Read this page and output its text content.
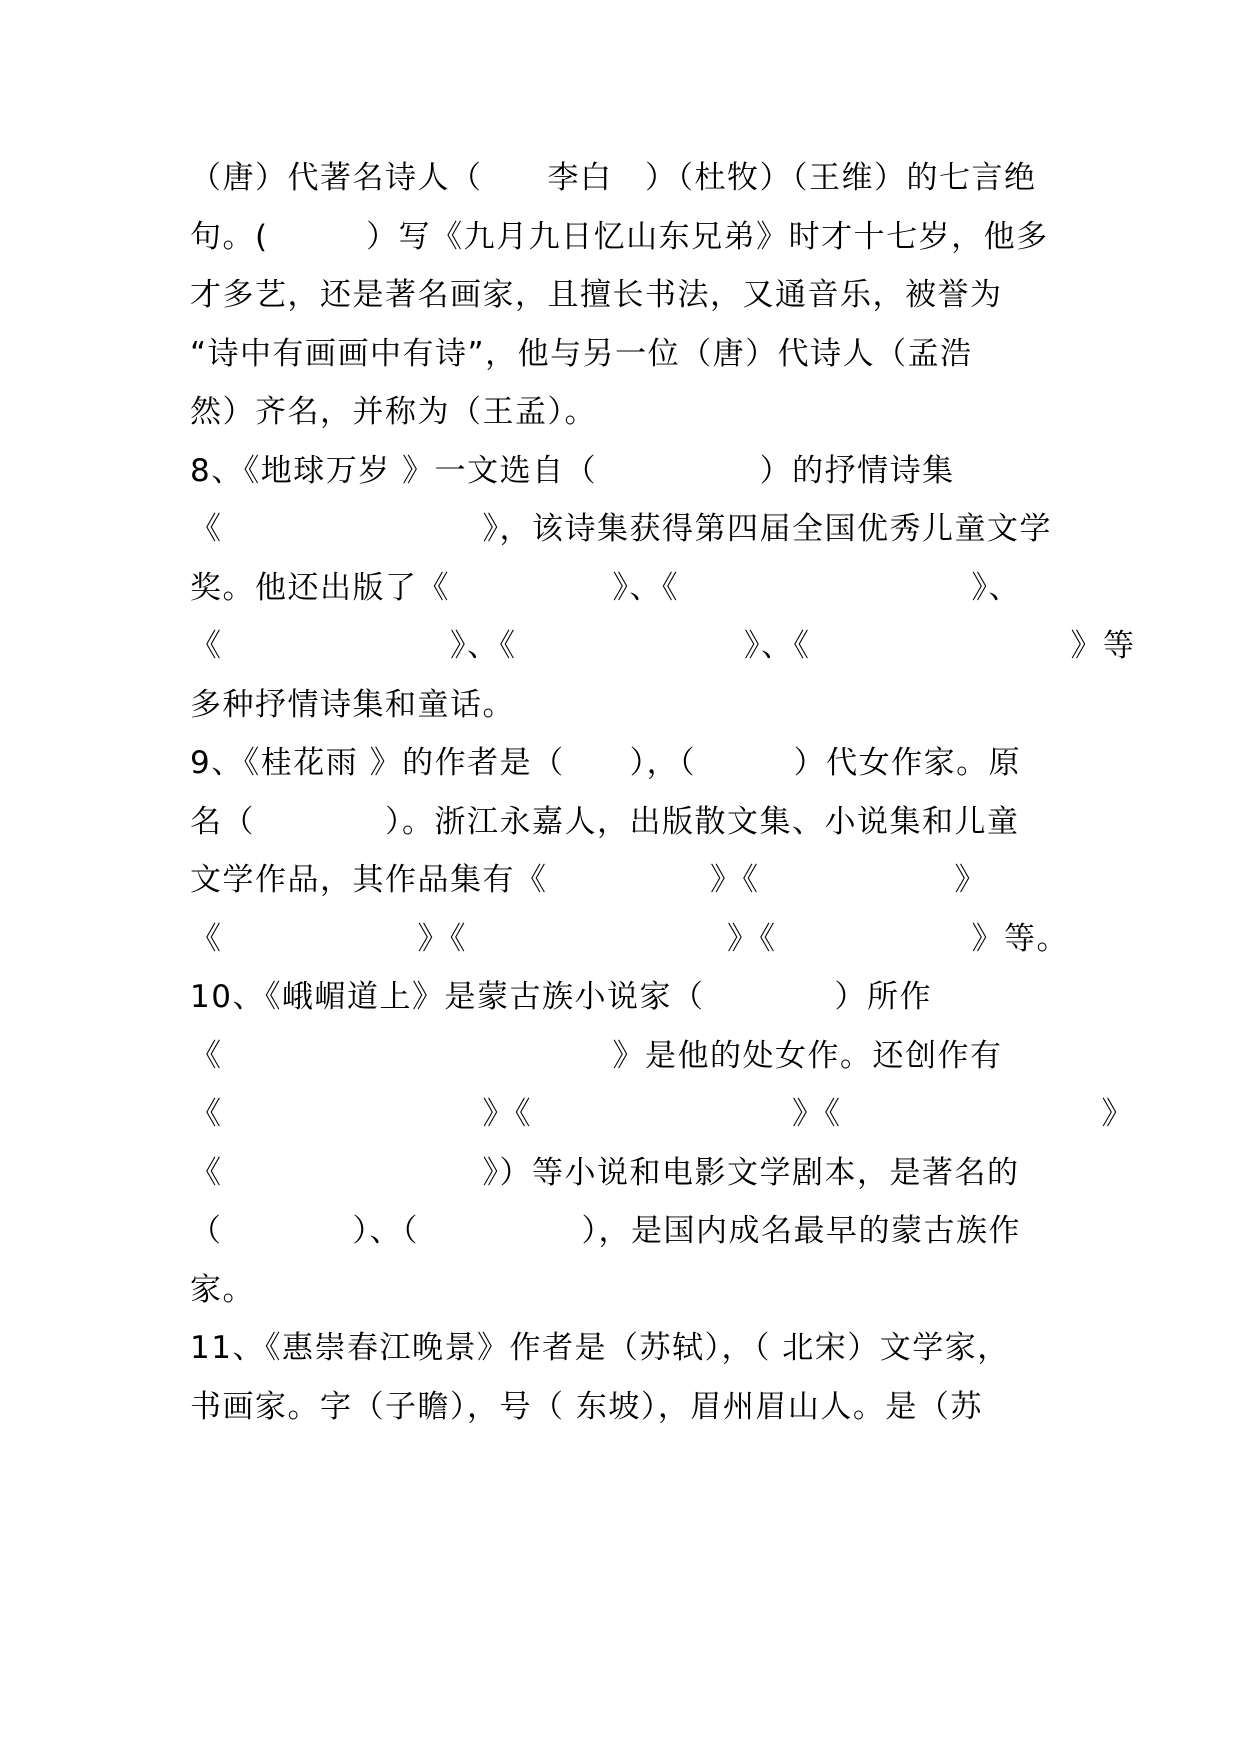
（唐）代著名诗人（　　李白　）（杜牧）（王维）的七言绝
句。(　　　）写《九月九日忆山东兄弟》时才十七岁，他多
才多艺，还是著名画家，且擅长书法，又通音乐，被誉为
“诗中有画画中有诗”，他与另一位（唐）代诗人（孟浩
然）齐名，并称为（王孟）。
8、《地球万岁 》一文选自（　　　　　）的抒情诗集
《　　　　　　　　》，该诗集获得第四届全国优秀儿童文学
奖。他还出版了《　　　　　》、《　　　　　　　　　》、
《　　　　　　　》、《　　　　　　　》、《　　　　　　　　》等
多种抒情诗集和童话。
9、《桂花雨 》的作者是（　　），（　　　）代女作家。原
名（　　　　）。浙江永嘉人，出版散文集、小说集和儿童
文学作品，其作品集有《　　　　　》《　　　　　　》
《　　　　　　》《　　　　　　　　》《　　　　　　》等。
10、《峨嵋道上》是蒙古族小说家（　　　　）所作
《　　　　　　　　　　　　》是他的处女作。还创作有
《　　　　　　　　》《　　　　　　　　》《　　　　　　　　》
《　　　　　　　　》）等小说和电影文学剧本，是著名的
（　　　　）、（　　　　　），是国内成名最早的蒙古族作
家。
11、《惠崇春江晚景》作者是（苏轼），（ 北宋）文学家，
书画家。字（子瞻），号（ 东坡），眉州眉山人。是（苏
